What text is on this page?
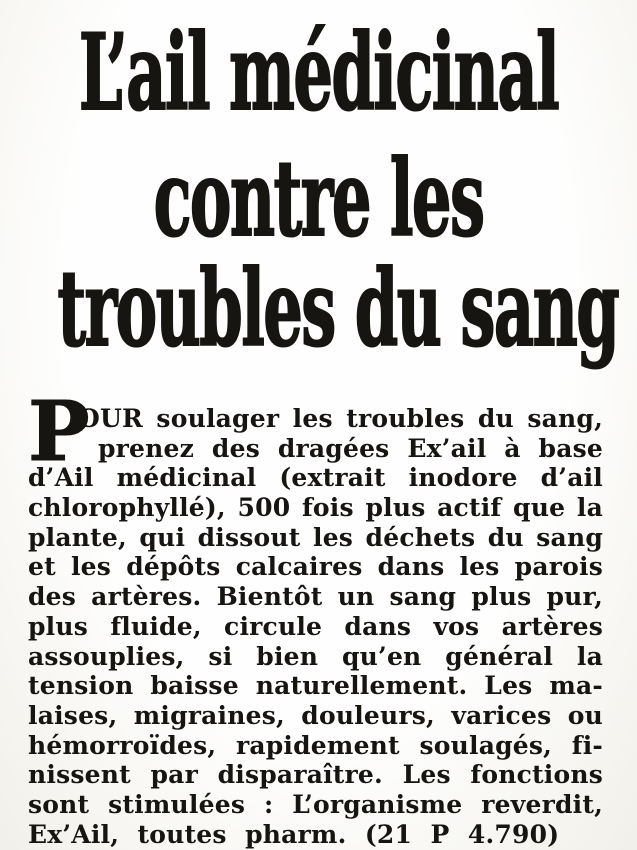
L’ail médicinal
contre les
troubles du sang
P
OUR soulager les troubles du sang,
prenez des dragées Ex’ail à base
d’Ail médicinal (extrait inodore d’ail
chlorophyllé), 500 fois plus actif que la
plante, qui dissout les déchets du sang
et les dépôts calcaires dans les parois
des artères. Bientôt un sang plus pur,
plus fluide, circule dans vos artères
assouplies, si bien qu’en général la
tension baisse naturellement. Les ma-
laises, migraines, douleurs, varices ou
hémorroïdes, rapidement soulagés, fi-
nissent par disparaître. Les fonctions
sont stimulées : L’organisme reverdit,
Ex’Ail, toutes pharm. (21 P 4.790)
